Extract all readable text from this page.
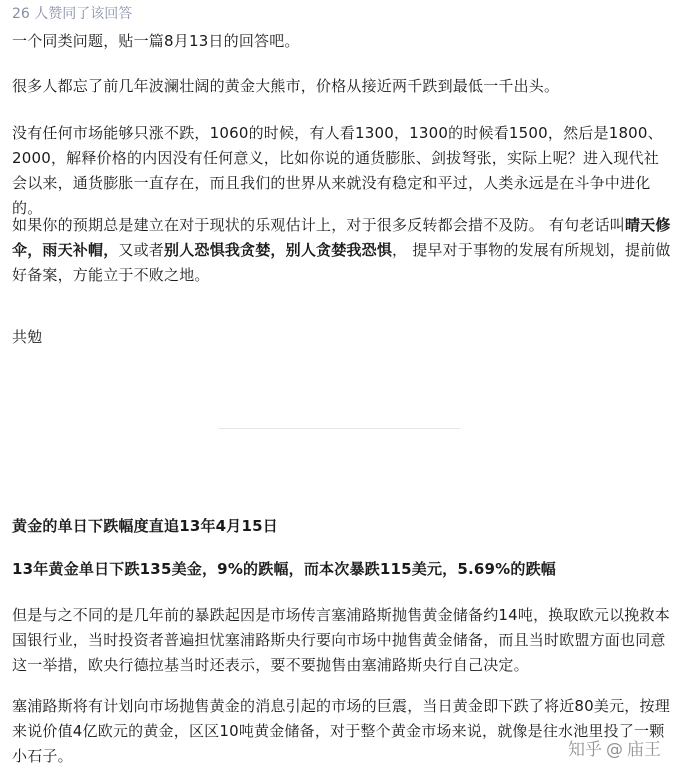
26 人赞同了该回答

一个同类问题，贴一篇8月13日的回答吧。

很多人都忘了前几年波澜壮阔的黄金大熊市，价格从接近两千跌到最低一千出头。

没有任何市场能够只涨不跌，1060的时候，有人看1300，1300的时候看1500，然后是1800、2000，解释价格的内因没有任何意义，比如你说的通货膨胀、剑拔弩张，实际上呢？进入现代社会以来，通货膨胀一直存在，而且我们的世界从来就没有稳定和平过，人类永远是在斗争中进化的。

如果你的预期总是建立在对于现状的乐观估计上，对于很多反转都会措不及防。 有句老话叫晴天修伞，雨天补帽，又或者别人恐惧我贪婪，别人贪婪我恐惧， 提早对于事物的发展有所规划，提前做好备案，方能立于不败之地。

共勉

黄金的单日下跌幅度直追13年4月15日

13年黄金单日下跌135美金，9%的跌幅，而本次暴跌115美元，5.69%的跌幅

但是与之不同的是几年前的暴跌起因是市场传言塞浦路斯抛售黄金储备约14吨，换取欧元以挽救本国银行业，当时投资者普遍担忧塞浦路斯央行要向市场中抛售黄金储备，而且当时欧盟方面也同意这一举措，欧央行德拉基当时还表示，要不要抛售由塞浦路斯央行自己决定。

塞浦路斯将有计划向市场抛售黄金的消息引起的市场的巨震，当日黄金即下跌了将近80美元，按理来说价值4亿欧元的黄金，区区10吨黄金储备，对于整个黄金市场来说，就像是往水池里投了一颗小石子。	知乎 @ 庙王
